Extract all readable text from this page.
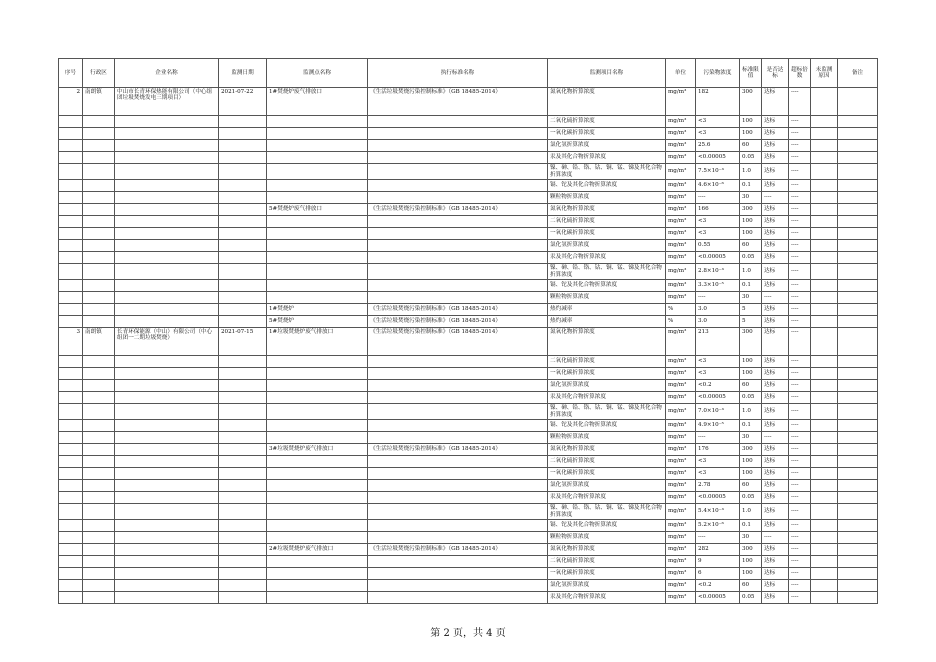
序号	行政区	企业名称	监测日期	监测点名称	执行标准名称	监测项目名称	单位	污染物浓度	标准限值	是否达标	超标倍数	未监测原因	备注
2	南朗镇	中山市长青环保热能有限公司（中心组团垃圾焚烧发电三期项目）	2021-07-22	1#焚烧炉废气排放口	《生活垃圾焚烧污染控制标准》（GB 18485-2014）	氮氧化物折算浓度	mg/m³	182	300	达标	----		
						二氧化硫折算浓度	mg/m³	<3	100	达标	----		
						一氧化碳折算浓度	mg/m³	<3	100	达标	----		
						氯化氢折算浓度	mg/m³	25.6	60	达标	----		
						汞及其化合物折算浓度	mg/m³	<0.00005	0.05	达标	----		
						镍、砷、铅、铬、钴、铜、锰、锑及其化合物折算浓度	mg/m³	7.5×10⁻³	1.0	达标	----		
						镉、铊及其化合物折算浓度	mg/m³	4.6×10⁻⁶	0.1	达标	----		
						颗粒物折算浓度	mg/m³	----	30	----	----		
				5#焚烧炉废气排放口	《生活垃圾焚烧污染控制标准》（GB 18485-2014）	氮氧化物折算浓度	mg/m³	166	300	达标	----		
						二氧化硫折算浓度	mg/m³	<3	100	达标	----		
						一氧化碳折算浓度	mg/m³	<3	100	达标	----		
						氯化氢折算浓度	mg/m³	0.55	60	达标	----		
						汞及其化合物折算浓度	mg/m³	<0.00005	0.05	达标	----		
						镍、砷、铅、铬、钴、铜、锰、锑及其化合物折算浓度	mg/m³	2.8×10⁻³	1.0	达标	----		
						镉、铊及其化合物折算浓度	mg/m³	3.3×10⁻⁵	0.1	达标	----		
						颗粒物折算浓度	mg/m³	----	30	----	----		
				1#焚烧炉	《生活垃圾焚烧污染控制标准》（GB 18485-2014）	热灼减率	%	3.0	5	达标	----		
				5#焚烧炉	《生活垃圾焚烧污染控制标准》（GB 18485-2014）	热灼减率	%	3.0	5	达标	----		
3	南朗镇	长青环保能源（中山）有限公司（中心组团一二期垃圾焚烧）	2021-07-15	1#垃圾焚烧炉废气排放口	《生活垃圾焚烧污染控制标准》（GB 18485-2014）	氮氧化物折算浓度	mg/m³	213	300	达标	----		
						二氧化硫折算浓度	mg/m³	<3	100	达标	----		
						一氧化碳折算浓度	mg/m³	<3	100	达标	----		
						氯化氢折算浓度	mg/m³	<0.2	60	达标	----		
						汞及其化合物折算浓度	mg/m³	<0.00005	0.05	达标	----		
						镍、砷、铅、铬、钴、铜、锰、锑及其化合物折算浓度	mg/m³	7.0×10⁻³	1.0	达标	----		
						镉、铊及其化合物折算浓度	mg/m³	4.9×10⁻⁵	0.1	达标	----		
						颗粒物折算浓度	mg/m³	----	30	----	----		
				3#垃圾焚烧炉废气排放口	《生活垃圾焚烧污染控制标准》（GB 18485-2014）	氮氧化物折算浓度	mg/m³	176	300	达标	----		
						二氧化硫折算浓度	mg/m³	<3	100	达标	----		
						一氧化碳折算浓度	mg/m³	<3	100	达标	----		
						氯化氢折算浓度	mg/m³	2.78	60	达标	----		
						汞及其化合物折算浓度	mg/m³	<0.00005	0.05	达标	----		
						镍、砷、铅、铬、钴、铜、锰、锑及其化合物折算浓度	mg/m³	5.4×10⁻³	1.0	达标	----		
						镉、铊及其化合物折算浓度	mg/m³	5.2×10⁻⁶	0.1	达标	----		
						颗粒物折算浓度	mg/m³	----	30	----	----		
				2#垃圾焚烧炉废气排放口	《生活垃圾焚烧污染控制标准》（GB 18485-2014）	氮氧化物折算浓度	mg/m³	282	300	达标	----		
						二氧化硫折算浓度	mg/m³	9	100	达标	----		
						一氧化碳折算浓度	mg/m³	6	100	达标	----		
						氯化氢折算浓度	mg/m³	<0.2	60	达标	----		
						汞及其化合物折算浓度	mg/m³	<0.00005	0.05	达标	----		
第 2 页，共 4 页
